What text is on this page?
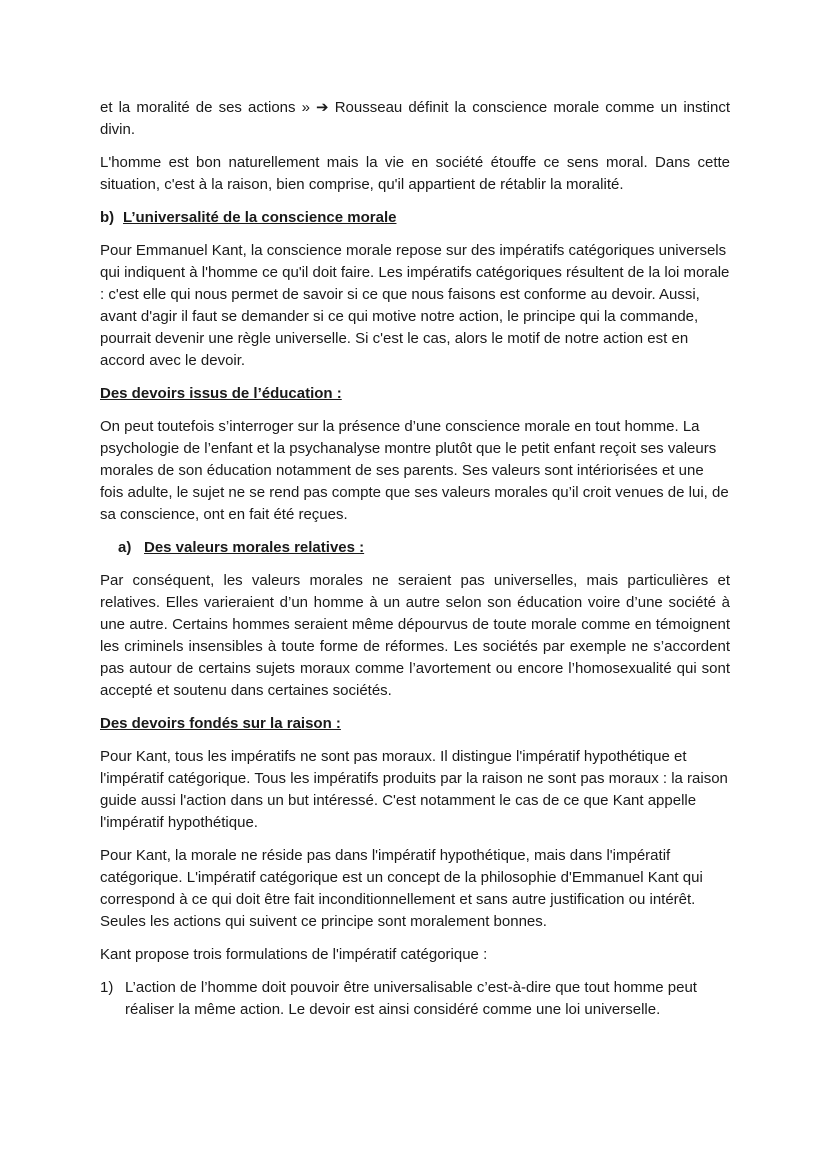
et la moralité de ses actions » ➔ Rousseau définit la conscience morale comme un instinct divin.

L'homme est bon naturellement mais la vie en société étouffe ce sens moral. Dans cette situation, c'est à la raison, bien comprise, qu'il appartient de rétablir la moralité.

b) L’universalité de la conscience morale

Pour Emmanuel Kant, la conscience morale repose sur des impératifs catégoriques universels qui indiquent à l'homme ce qu'il doit faire. Les impératifs catégoriques résultent de la loi morale : c'est elle qui nous permet de savoir si ce que nous faisons est conforme au devoir. Aussi, avant d'agir il faut se demander si ce qui motive notre action, le principe qui la commande, pourrait devenir une règle universelle. Si c'est le cas, alors le motif de notre action est en accord avec le devoir.

Des devoirs issus de l’éducation :

On peut toutefois s’interroger sur la présence d’une conscience morale en tout homme. La psychologie de l’enfant et la psychanalyse montre plutôt que le petit enfant reçoit ses valeurs morales de son éducation notamment de ses parents. Ses valeurs sont intériorisées et une fois adulte, le sujet ne se rend pas compte que ses valeurs morales qu’il croit venues de lui, de sa conscience, ont en fait été reçues.

a) Des valeurs morales relatives :

Par conséquent, les valeurs morales ne seraient pas universelles, mais particulières et relatives. Elles varieraient d’un homme à un autre selon son éducation voire d’une société à une autre. Certains hommes seraient même dépourvus de toute morale comme en témoignent les criminels insensibles à toute forme de réformes. Les sociétés par exemple ne s’accordent pas autour de certains sujets moraux comme l’avortement ou encore l’homosexualité qui sont accepté et soutenu dans certaines sociétés.

Des devoirs fondés sur la raison :

Pour Kant, tous les impératifs ne sont pas moraux. Il distingue l'impératif hypothétique et l'impératif catégorique. Tous les impératifs produits par la raison ne sont pas moraux : la raison guide aussi l'action dans un but intéressé. C'est notamment le cas de ce que Kant appelle l'impératif hypothétique.

Pour Kant, la morale ne réside pas dans l'impératif hypothétique, mais dans l'impératif catégorique. L'impératif catégorique est un concept de la philosophie d'Emmanuel Kant qui correspond à ce qui doit être fait inconditionnellement et sans autre justification ou intérêt. Seules les actions qui suivent ce principe sont moralement bonnes.

Kant propose trois formulations de l'impératif catégorique :

1) L’action de l’homme doit pouvoir être universalisable c’est-à-dire que tout homme peut réaliser la même action. Le devoir est ainsi considéré comme une loi universelle.
